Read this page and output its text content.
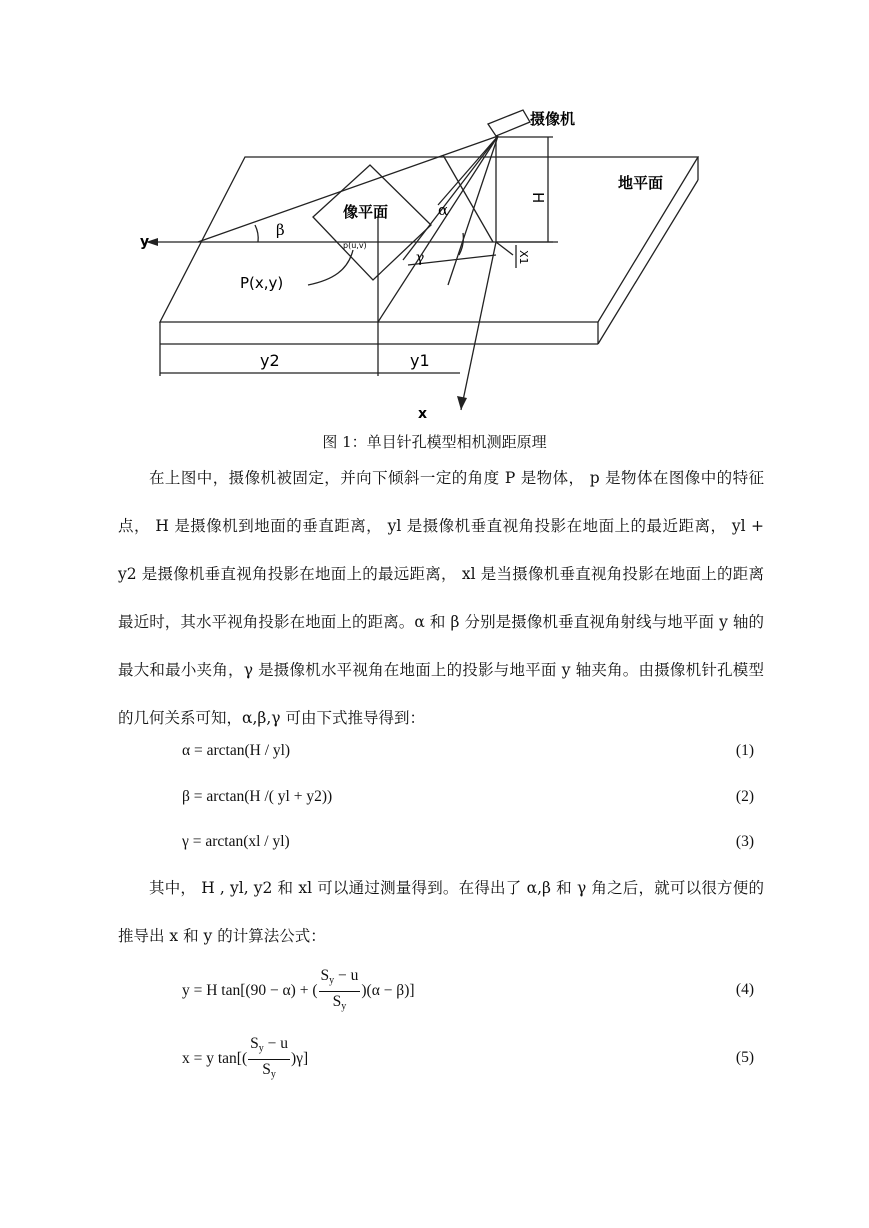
摄像机
地平面
像平面
H
α
β
γ
y
x
X1
P(x,y)
p(u,v)
y2	y1
图 1：单目针孔模型相机测距原理

在上图中，摄像机被固定，并向下倾斜一定的角度 P 是物体， p 是物体在图像中的特征点， H 是摄像机到地面的垂直距离， yl 是摄像机垂直视角投影在地面上的最近距离， yl + y2 是摄像机垂直视角投影在地面上的最远距离， xl 是当摄像机垂直视角投影在地面上的距离最近时，其水平视角投影在地面上的距离。α 和 β 分别是摄像机垂直视角射线与地平面 y 轴的最大和最小夹角，γ 是摄像机水平视角在地面上的投影与地平面 y 轴夹角。由摄像机针孔模型的几何关系可知，α,β,γ 可由下式推导得到：

α = arctan(H / yl)	(1)
β = arctan(H /( yl + y2))	(2)
γ = arctan(xl / yl)	(3)

其中， H , yl, y2 和 xl 可以通过测量得到。在得出了 α,β 和 γ 角之后，就可以很方便的推导出 x 和 y 的计算法公式：

y = H tan[(90 − α) + ( $\frac{S_y - u}{S_y} )(\alpha - \beta)$]	(4)
x = y $\tan[( \frac{S_y - u}{S_y} )\gamma]$	(5)
